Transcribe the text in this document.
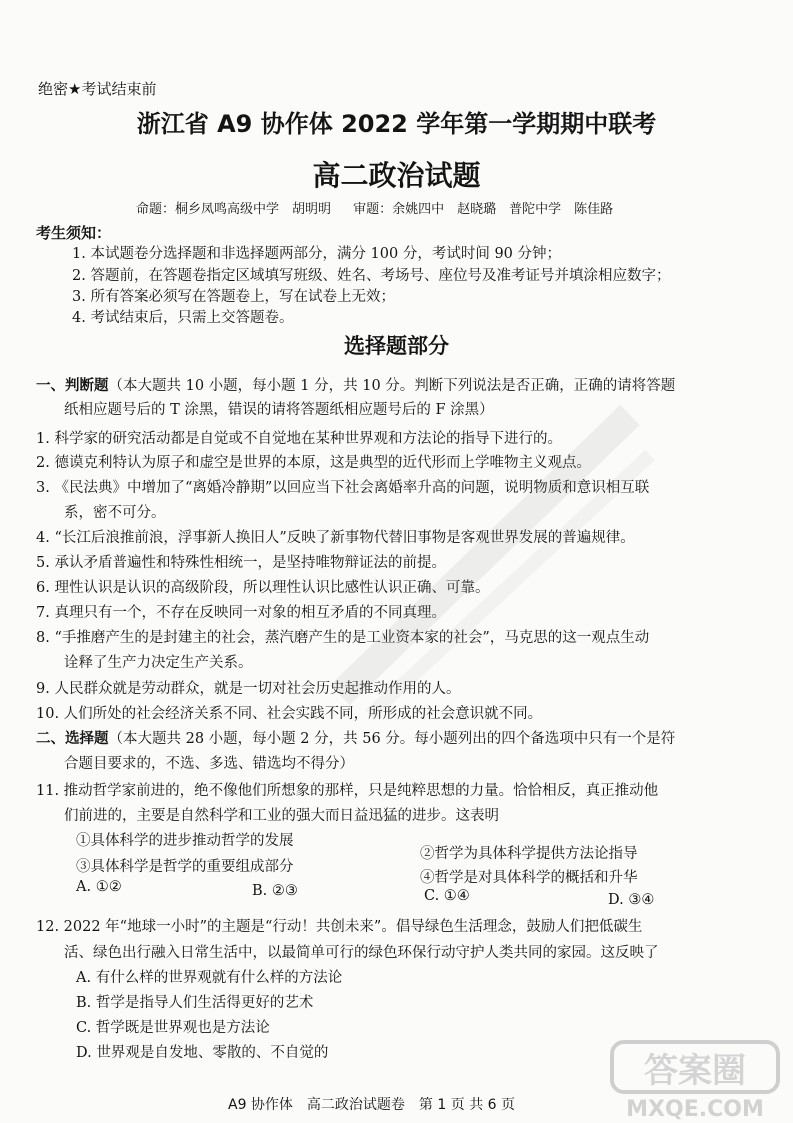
绝密★考试结束前
浙江省 A9 协作体 2022 学年第一学期期中联考
高二政治试题
命题：桐乡凤鸣高级中学　胡明明 审题：余姚四中　赵晓璐　普陀中学　陈佳路
考生须知：
1. 本试题卷分选择题和非选择题两部分，满分 100 分，考试时间 90 分钟；
2. 答题前，在答题卷指定区域填写班级、姓名、考场号、座位号及准考证号并填涂相应数字；
3. 所有答案必须写在答题卷上，写在试卷上无效；
4. 考试结束后，只需上交答题卷。
选择题部分
一、判断题（本大题共 10 小题，每小题 1 分，共 10 分。判断下列说法是否正确，正确的请将答题
纸相应题号后的 T 涂黑，错误的请将答题纸相应题号后的 F 涂黑）
1. 科学家的研究活动都是自觉或不自觉地在某种世界观和方法论的指导下进行的。
2. 德谟克利特认为原子和虚空是世界的本原，这是典型的近代形而上学唯物主义观点。
3. 《民法典》中增加了“离婚冷静期”以回应当下社会离婚率升高的问题，说明物质和意识相互联
系，密不可分。
4. “长江后浪推前浪，浮事新人换旧人”反映了新事物代替旧事物是客观世界发展的普遍规律。
5. 承认矛盾普遍性和特殊性相统一，是坚持唯物辩证法的前提。
6. 理性认识是认识的高级阶段，所以理性认识比感性认识正确、可靠。
7. 真理只有一个，不存在反映同一对象的相互矛盾的不同真理。
8. “手推磨产生的是封建主的社会，蒸汽磨产生的是工业资本家的社会”，马克思的这一观点生动
诠释了生产力决定生产关系。
9. 人民群众就是劳动群众，就是一切对社会历史起推动作用的人。
10. 人们所处的社会经济关系不同、社会实践不同，所形成的社会意识就不同。
二、选择题（本大题共 28 小题，每小题 2 分，共 56 分。每小题列出的四个备选项中只有一个是符
合题目要求的，不选、多选、错选均不得分）
11. 推动哲学家前进的，绝不像他们所想象的那样，只是纯粹思想的力量。恰恰相反，真正推动他
们前进的，主要是自然科学和工业的强大而日益迅猛的进步。这表明
①具体科学的进步推动哲学的发展
②哲学为具体科学提供方法论指导
③具体科学是哲学的重要组成部分
④哲学是对具体科学的概括和升华
A. ①②	B. ②③	C. ①④	D. ③④
12. 2022 年“地球一小时”的主题是“行动！共创未来”。倡导绿色生活理念，鼓励人们把低碳生
活、绿色出行融入日常生活中，以最简单可行的绿色环保行动守护人类共同的家园。这反映了
A. 有什么样的世界观就有什么样的方法论
B. 哲学是指导人们生活得更好的艺术
C. 哲学既是世界观也是方法论
D. 世界观是自发地、零散的、不自觉的
A9 协作体　高二政治试题卷　第 1 页 共 6 页
答案圈
MXQE.COM
